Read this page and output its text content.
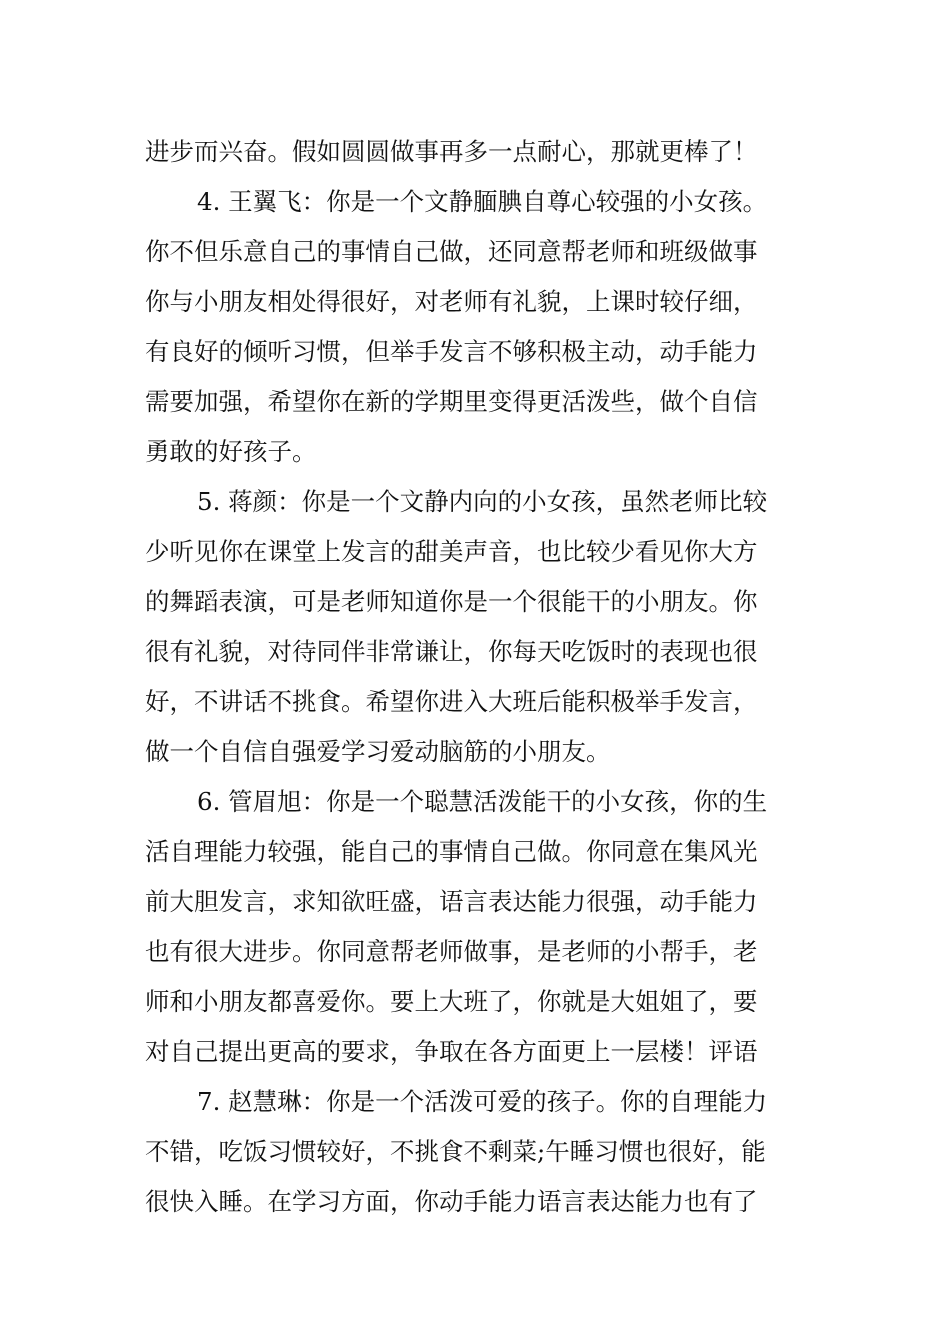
进步而兴奋。假如圆圆做事再多一点耐心，那就更棒了！
4. 王翼飞：你是一个文静腼腆自尊心较强的小女孩。
你不但乐意自己的事情自己做，还同意帮老师和班级做事
你与小朋友相处得很好，对老师有礼貌，上课时较仔细，
有良好的倾听习惯，但举手发言不够积极主动，动手能力
需要加强，希望你在新的学期里变得更活泼些，做个自信
勇敢的好孩子。
5. 蒋颜：你是一个文静内向的小女孩，虽然老师比较
少听见你在课堂上发言的甜美声音，也比较少看见你大方
的舞蹈表演，可是老师知道你是一个很能干的小朋友。你
很有礼貌，对待同伴非常谦让，你每天吃饭时的表现也很
好，不讲话不挑食。希望你进入大班后能积极举手发言，
做一个自信自强爱学习爱动脑筋的小朋友。
6. 管眉旭：你是一个聪慧活泼能干的小女孩，你的生
活自理能力较强，能自己的事情自己做。你同意在集风光
前大胆发言，求知欲旺盛，语言表达能力很强，动手能力
也有很大进步。你同意帮老师做事，是老师的小帮手，老
师和小朋友都喜爱你。要上大班了，你就是大姐姐了，要
对自己提出更高的要求，争取在各方面更上一层楼！评语
7. 赵慧琳：你是一个活泼可爱的孩子。你的自理能力
不错，吃饭习惯较好，不挑食不剩菜;午睡习惯也很好，能
很快入睡。在学习方面，你动手能力语言表达能力也有了
